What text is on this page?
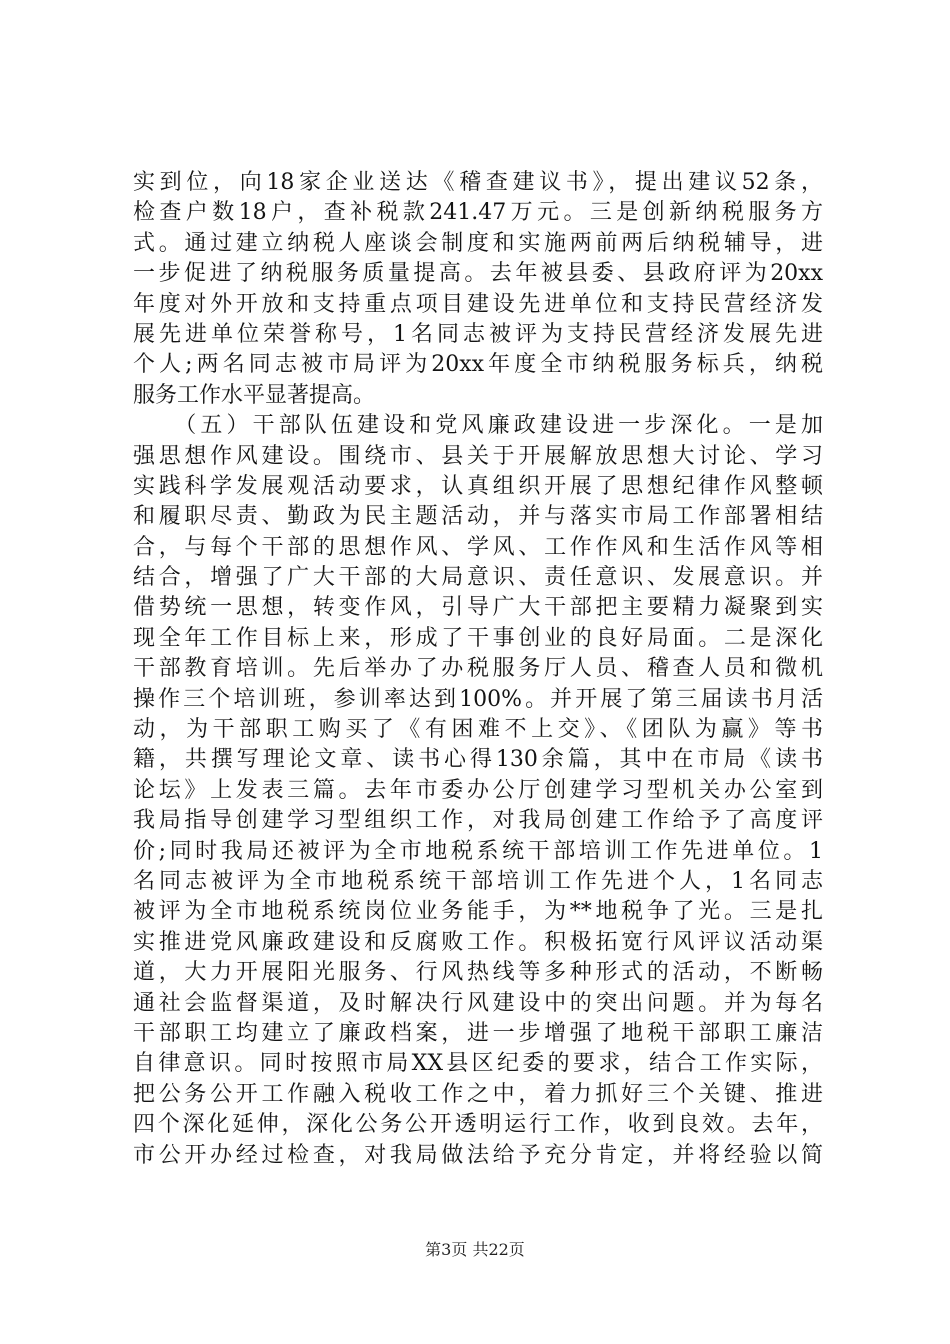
实到位，向18家企业送达《稽查建议书》，提出建议52条，
检查户数18户，查补税款241.47万元。三是创新纳税服务方
式。通过建立纳税人座谈会制度和实施两前两后纳税辅导，进
一步促进了纳税服务质量提高。去年被县委、县政府评为20xx
年度对外开放和支持重点项目建设先进单位和支持民营经济发
展先进单位荣誉称号，1名同志被评为支持民营经济发展先进
个人;两名同志被市局评为20xx年度全市纳税服务标兵，纳税
服务工作水平显著提高。
　　（五）干部队伍建设和党风廉政建设进一步深化。一是加
强思想作风建设。围绕市、县关于开展解放思想大讨论、学习
实践科学发展观活动要求，认真组织开展了思想纪律作风整顿
和履职尽责、勤政为民主题活动，并与落实市局工作部署相结
合，与每个干部的思想作风、学风、工作作风和生活作风等相
结合，增强了广大干部的大局意识、责任意识、发展意识。并
借势统一思想，转变作风，引导广大干部把主要精力凝聚到实
现全年工作目标上来，形成了干事创业的良好局面。二是深化
干部教育培训。先后举办了办税服务厅人员、稽查人员和微机
操作三个培训班，参训率达到100%。并开展了第三届读书月活
动，为干部职工购买了《有困难不上交》、《团队为赢》等书
籍，共撰写理论文章、读书心得130余篇，其中在市局《读书
论坛》上发表三篇。去年市委办公厅创建学习型机关办公室到
我局指导创建学习型组织工作，对我局创建工作给予了高度评
价;同时我局还被评为全市地税系统干部培训工作先进单位。1
名同志被评为全市地税系统干部培训工作先进个人，1名同志
被评为全市地税系统岗位业务能手，为**地税争了光。三是扎
实推进党风廉政建设和反腐败工作。积极拓宽行风评议活动渠
道，大力开展阳光服务、行风热线等多种形式的活动，不断畅
通社会监督渠道，及时解决行风建设中的突出问题。并为每名
干部职工均建立了廉政档案，进一步增强了地税干部职工廉洁
自律意识。同时按照市局XX县区纪委的要求，结合工作实际，
把公务公开工作融入税收工作之中，着力抓好三个关键、推进
四个深化延伸，深化公务公开透明运行工作，收到良效。去年，
市公开办经过检查，对我局做法给予充分肯定，并将经验以简
第3页 共22页
